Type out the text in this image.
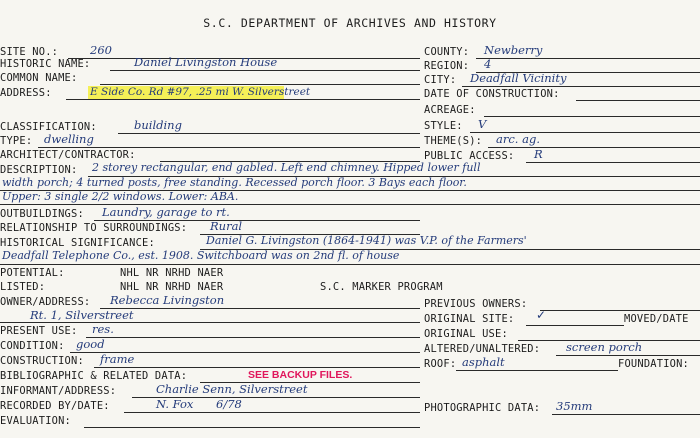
S.C. DEPARTMENT OF ARCHIVES AND HISTORY
SITE NO.:	260
HISTORIC NAME:	Daniel Livingston House
COMMON NAME:
ADDRESS:	E Side Co. Rd #97, .25 mi W. Silverstreet
CLASSIFICATION:	building
TYPE: dwelling
ARCHITECT/CONTRACTOR:
DESCRIPTION: 2 storey rectangular, end gabled. Left end chimney. Hipped lower full
width porch; 4 turned posts, free standing. Recessed porch floor. 3 Bays each floor.
Upper: 3 single 2/2 windows. Lower: ABA.
OUTBUILDINGS: Laundry, garage to rt.
RELATIONSHIP TO SURROUNDINGS: Rural
HISTORICAL SIGNIFICANCE:	Daniel G. Livingston (1864-1941) was V.P. of the Farmers'
Deadfall Telephone Co., est. 1908. Switchboard was on 2nd fl. of house
POTENTIAL:	NHL NR NRHD NAER
LISTED:	NHL NR NRHD NAER	S.C. MARKER PROGRAM
OWNER/ADDRESS: Rebecca Livingston
Rt. 1, Silverstreet
PRESENT USE: res.
CONDITION: good
CONSTRUCTION: frame
BIBLIOGRAPHIC & RELATED DATA:	SEE BACKUP FILES.
INFORMANT/ADDRESS:	Charlie Senn, Silverstreet
RECORDED BY/DATE:	N. Fox 6/78
EVALUATION:
COUNTY: Newberry
REGION: 4
CITY: Deadfall Vicinity
DATE OF CONSTRUCTION:
ACREAGE:
STYLE: V
THEME(S): arc. ag.
PUBLIC ACCESS: R
PREVIOUS OWNERS:
ORIGINAL SITE: ✓	MOVED/DATE
ORIGINAL USE:
ALTERED/UNALTERED: screen porch
ROOF: asphalt	FOUNDATION:
PHOTOGRAPHIC DATA: 35mm
